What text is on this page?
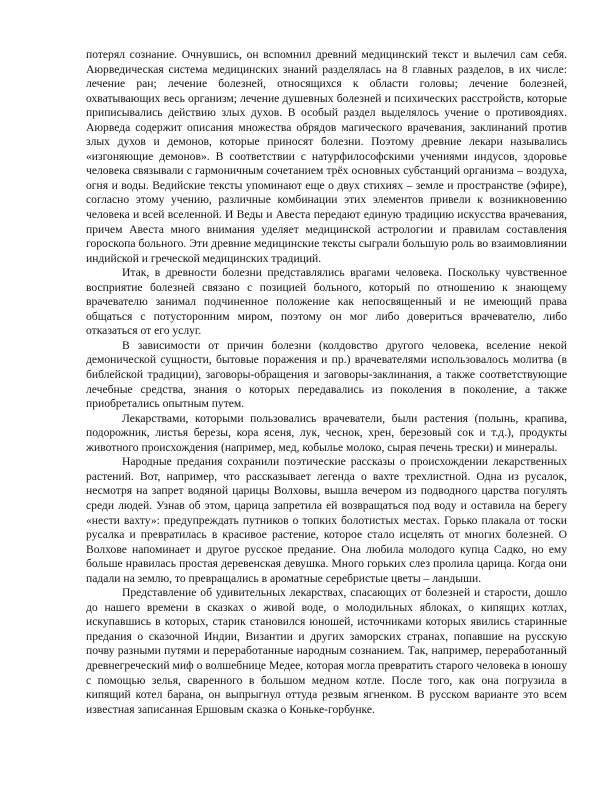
потерял сознание. Очнувшись, он вспомнил древний медицинский текст и вылечил сам себя. Аюрведическая система медицинских знаний разделялась на 8 главных разделов, в их числе: лечение ран; лечение болезней, относящихся к области головы; лечение болезней, охватывающих весь организм; лечение душевных болезней и психических расстройств, которые приписывались действию злых духов. В особый раздел выделялось учение о противоядиях. Аюрведа содержит описания множества обрядов магического врачевания, заклинаний против злых духов и демонов, которые приносят болезни. Поэтому древние лекари назывались «изгоняющие демонов». В соответствии с натурфилософскими учениями индусов, здоровье человека связывали с гармоничным сочетанием трёх основных субстанций организма – воздуха, огня и воды. Ведийские тексты упоминают еще о двух стихиях – земле и пространстве (эфире), согласно этому учению, различные комбинации этих элементов привели к возникновению человека и всей вселенной. И Веды и Авеста передают единую традицию искусства врачевания, причем Авеста много внимания уделяет медицинской астрологии и правилам составления гороскопа больного. Эти древние медицинские тексты сыграли большую роль во взаимовлиянии индийской и греческой медицинских традиций.

Итак, в древности болезни представлялись врагами человека. Поскольку чувственное восприятие болезней связано с позицией больного, который по отношению к знающему врачевателю занимал подчиненное положение как непосвященный и не имеющий права общаться с потусторонним миром, поэтому он мог либо довериться врачевателю, либо отказаться от его услуг.

В зависимости от причин болезни (колдовство другого человека, вселение некой демонической сущности, бытовые поражения и пр.) врачевателями использовалось молитва (в библейской традиции), заговоры-обращения и заговоры-заклинания, а также соответствующие лечебные средства, знания о которых передавались из поколения в поколение, а также приобретались опытным путем.

Лекарствами, которыми пользовались врачеватели, были растения (полынь, крапива, подорожник, листья березы, кора ясеня, лук, чеснок, хрен, березовый сок и т.д.), продукты животного происхождения (например, мед, кобылье молоко, сырая печень трески) и минералы.

Народные предания сохранили поэтические рассказы о происхождении лекарственных растений. Вот, например, что рассказывает легенда о вахте трехлистной. Одна из русалок, несмотря на запрет водяной царицы Волховы, вышла вечером из подводного царства погулять среди людей. Узнав об этом, царица запретила ей возвращаться под воду и оставила на берегу «нести вахту»: предупреждать путников о топких болотистых местах. Горько плакала от тоски русалка и превратилась в красивое растение, которое стало исцелять от многих болезней. О Волхове напоминает и другое русское предание. Она любила молодого купца Садко, но ему больше нравилась простая деревенская девушка. Много горьких слез пролила царица. Когда они падали на землю, то превращались в ароматные серебристые цветы – ландыши.

Представление об удивительных лекарствах, спасающих от болезней и старости, дошло до нашего времени в сказках о живой воде, о молодильных яблоках, о кипящих котлах, искупавшись в которых, старик становился юношей, источниками которых явились старинные предания о сказочной Индии, Византии и других заморских странах, попавшие на русскую почву разными путями и переработанные народным сознанием. Так, например, переработанный древнегреческий миф о волшебнице Медее, которая могла превратить старого человека в юношу с помощью зелья, сваренного в большом медном котле. После того, как она погрузила в кипящий котел барана, он выпрыгнул оттуда резвым ягненком. В русском варианте это всем известная записанная Ершовым сказка о Коньке-горбунке.
